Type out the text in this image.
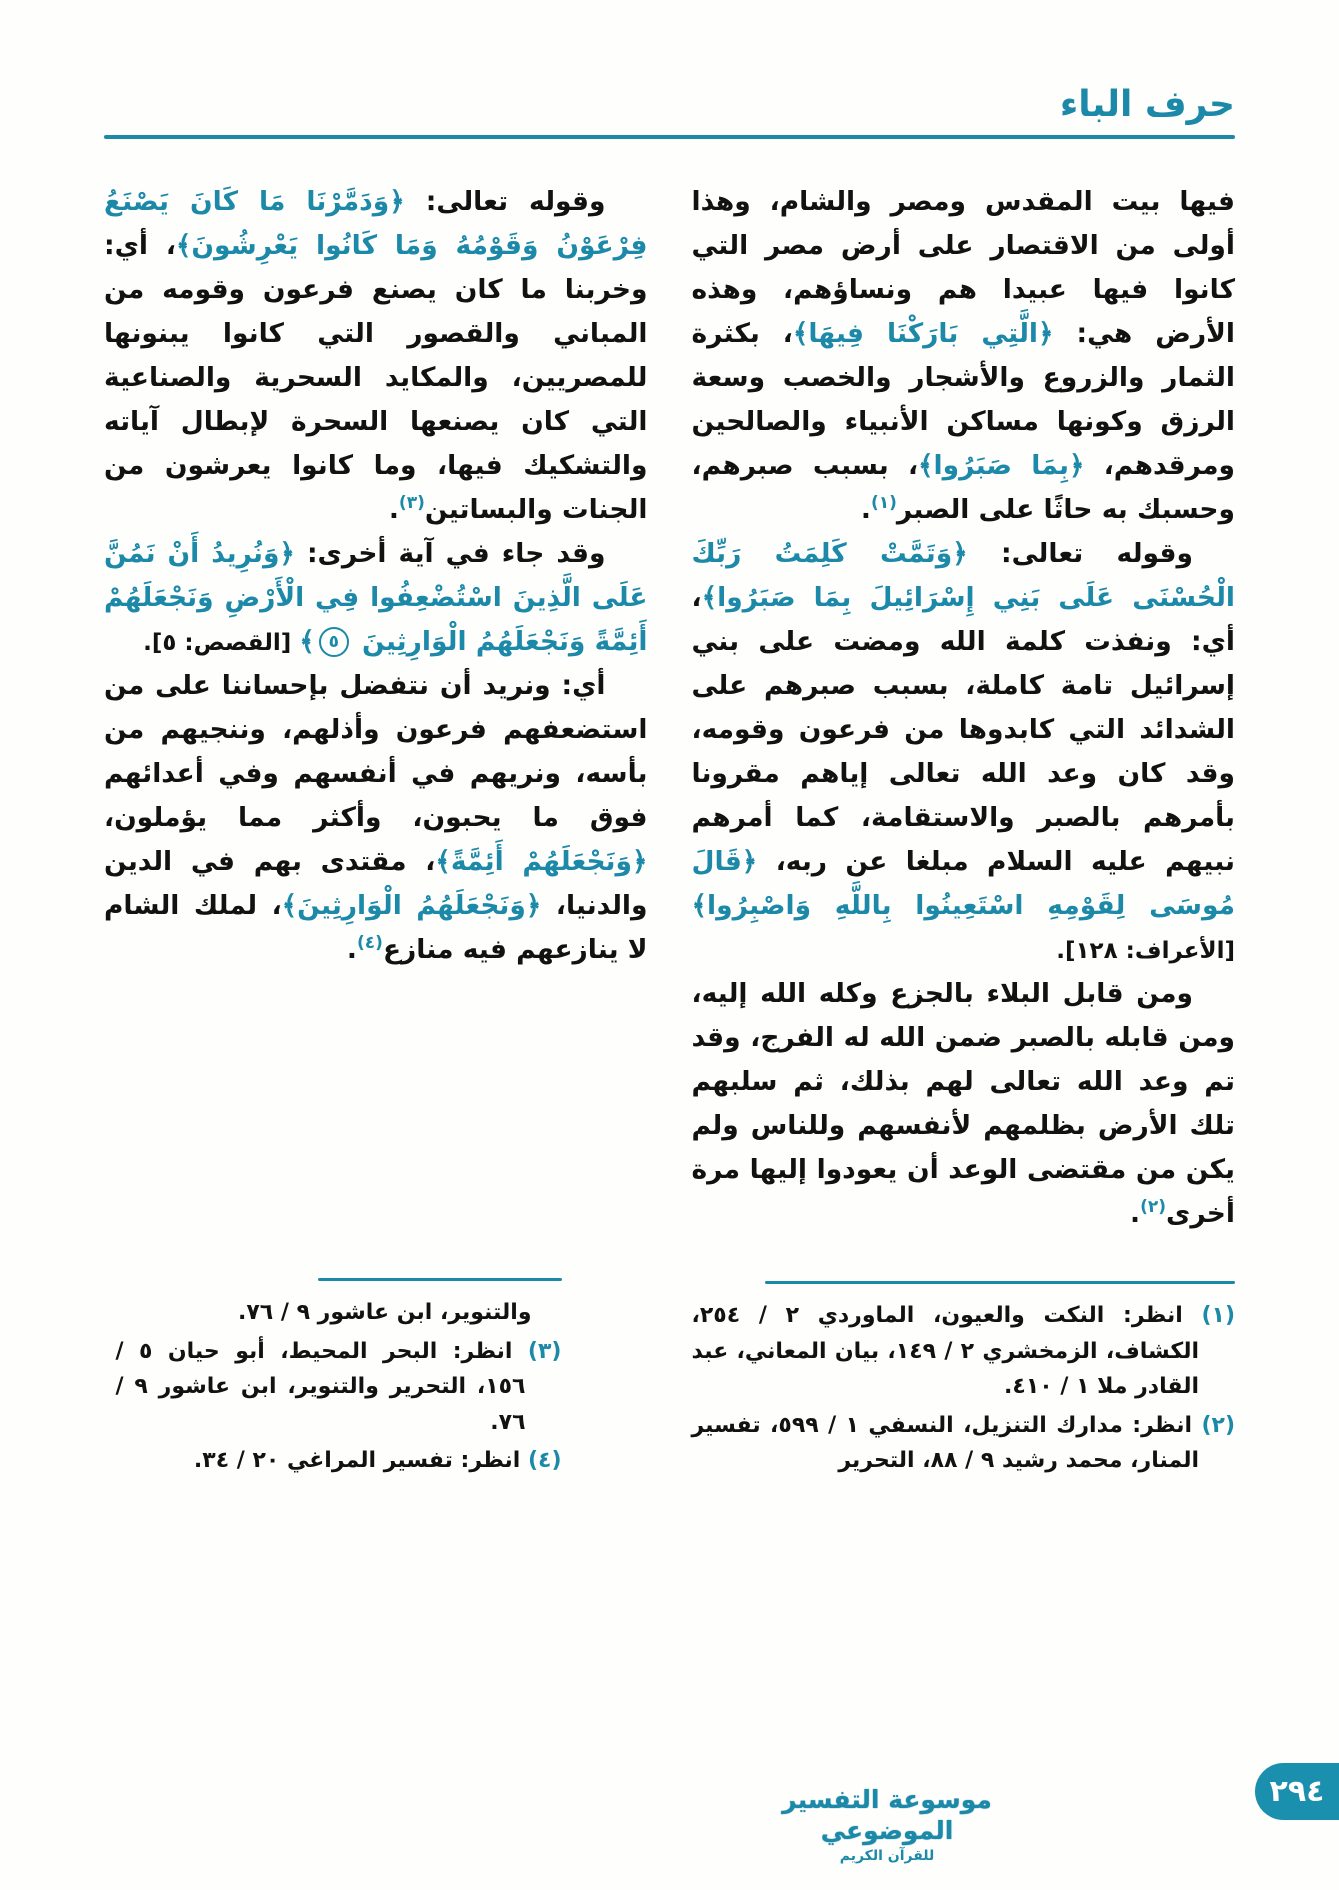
حرف الباء

فيها بيت المقدس ومصر والشام، وهذا أولى من الاقتصار على أرض مصر التي كانوا فيها عبيدا هم ونساؤهم، وهذه الأرض هي: ﴿الَّتِي بَارَكْنَا فِيهَا﴾، بكثرة الثمار والزروع والأشجار والخصب وسعة الرزق وكونها مساكن الأنبياء والصالحين ومرقدهم، ﴿بِمَا صَبَرُوا﴾، بسبب صبرهم، وحسبك به حاثًا على الصبر$^{(١)}$.

وقوله تعالى: ﴿وَتَمَّتْ كَلِمَتُ رَبِّكَ الْحُسْنَى عَلَى بَنِي إِسْرَائِيلَ بِمَا صَبَرُوا﴾، أي: ونفذت كلمة الله ومضت على بني إسرائيل تامة كاملة، بسبب صبرهم على الشدائد التي كابدوها من فرعون وقومه، وقد كان وعد الله تعالى إياهم مقرونا بأمرهم بالصبر والاستقامة، كما أمرهم نبيهم عليه السلام مبلغا عن ربه، ﴿قَالَ مُوسَى لِقَوْمِهِ اسْتَعِينُوا بِاللَّهِ وَاصْبِرُوا﴾ [الأعراف: ١٢٨].

ومن قابل البلاء بالجزع وكله الله إليه، ومن قابله بالصبر ضمن الله له الفرج، وقد تم وعد الله تعالى لهم بذلك، ثم سلبهم تلك الأرض بظلمهم لأنفسهم وللناس ولم يكن من مقتضى الوعد أن يعودوا إليها مرة أخرى$^{(٢)}$.

(١) انظر: النكت والعيون، الماوردي ٢ / ٢٥٤، الكشاف، الزمخشري ٢ / ١٤٩، بيان المعاني، عبد القادر ملا ١ / ٤١٠.
(٢) انظر: مدارك التنزيل، النسفي ١ / ٥٩٩، تفسير المنار، محمد رشيد ٩ / ٨٨، التحرير

وقوله تعالى: ﴿وَدَمَّرْنَا مَا كَانَ يَصْنَعُ فِرْعَوْنُ وَقَوْمُهُ وَمَا كَانُوا يَعْرِشُونَ﴾، أي: وخربنا ما كان يصنع فرعون وقومه من المباني والقصور التي كانوا يبنونها للمصريين، والمكايد السحرية والصناعية التي كان يصنعها السحرة لإبطال آياته والتشكيك فيها، وما كانوا يعرشون من الجنات والبساتين$^{(٣)}$.

وقد جاء في آية أخرى: ﴿وَنُرِيدُ أَنْ نَمُنَّ عَلَى الَّذِينَ اسْتُضْعِفُوا فِي الْأَرْضِ وَنَجْعَلَهُمْ أَئِمَّةً وَنَجْعَلَهُمُ الْوَارِثِينَ ٥﴾ [القصص: ٥].

أي: ونريد أن نتفضل بإحساننا على من استضعفهم فرعون وأذلهم، وننجيهم من بأسه، ونريهم في أنفسهم وفي أعدائهم فوق ما يحبون، وأكثر مما يؤملون، ﴿وَنَجْعَلَهُمْ أَئِمَّةً﴾، مقتدى بهم في الدين والدنيا، ﴿وَنَجْعَلَهُمُ الْوَارِثِينَ﴾، لملك الشام لا ينازعهم فيه منازع$^{(٤)}$.

والتنوير، ابن عاشور ٩ / ٧٦.
(٣) انظر: البحر المحيط، أبو حيان ٥ / ١٥٦، التحرير والتنوير، ابن عاشور ٩ / ٧٦.
(٤) انظر: تفسير المراغي ٢٠ / ٣٤.
موسوعة التفسير الموضوعي
للقرآن الكريم
٢٩٤
